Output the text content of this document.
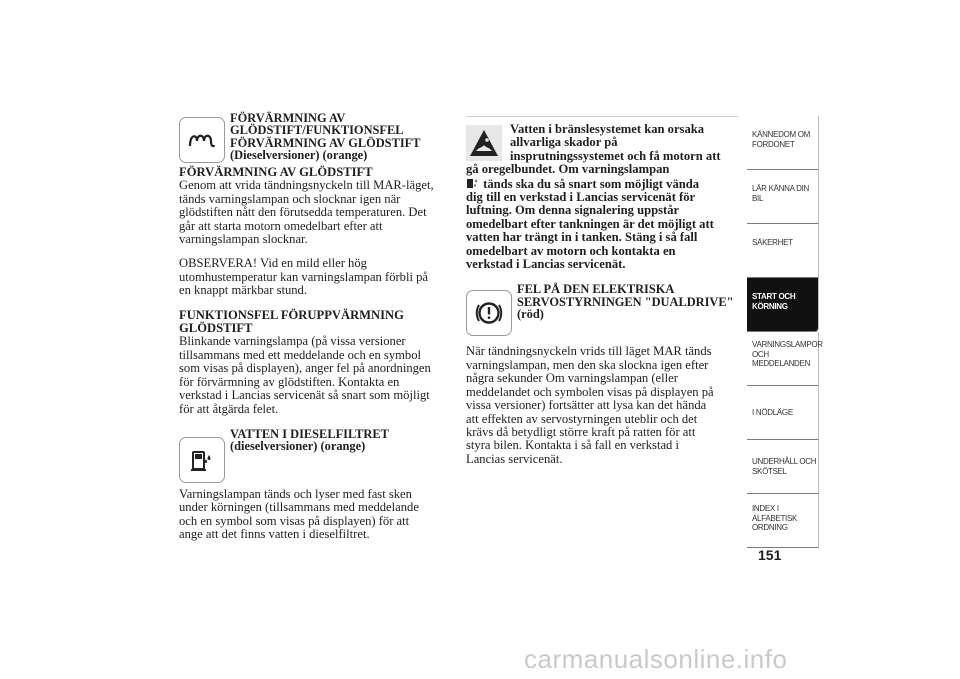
FÖRVÄRMNING AV
GLÖDSTIFT/FUNKTIONSFEL
FÖRVÄRMNING AV GLÖDSTIFT
(Dieselversioner) (orange)

FÖRVÄRMNING AV GLÖDSTIFT

Genom att vrida tändningsnyckeln till MAR-läget,
tänds varningslampan och slocknar igen när
glödstiften nått den förutsedda temperaturen. Det
går att starta motorn omedelbart efter att
varningslampan slocknar.
OBSERVERA! Vid en mild eller hög
utomhustemperatur kan varningslampan förbli på
en knappt märkbar stund.
FUNKTIONSFEL FÖRUPPVÄRMNING
GLÖDSTIFT
Blinkande varningslampa (på vissa versioner
tillsammans med ett meddelande och en symbol
som visas på displayen), anger fel på anordningen
för förvärmning av glödstiften. Kontakta en
verkstad i Lancias servicenät så snart som möjligt
för att åtgärda felet.
VATTEN I DIESELFILTRET
(dieselversioner) (orange)
Varningslampan tänds och lyser med fast sken
under körningen (tillsammans med meddelande
och en symbol som visas på displayen) för att
ange att det finns vatten i dieselfiltret.
Vatten i bränslesystemet kan orsaka
allvarliga skador på
insprutningssystemet och få motorn att
gå oregelbundet. Om varningslampan
tänds ska du så snart som möjligt vända
dig till en verkstad i Lancias servicenät för
luftning. Om denna signalering uppstår
omedelbart efter tankningen är det möjligt att
vatten har trängt in i tanken. Stäng i så fall
omedelbart av motorn och kontakta en
verkstad i Lancias servicenät.
FEL PÅ DEN ELEKTRISKA
SERVOSTYRNINGEN "DUALDRIVE"
(röd)
När tändningsnyckeln vrids till läget MAR tänds
varningslampan, men den ska slockna igen efter
några sekunder Om varningslampan (eller
meddelandet och symbolen visas på displayen på
vissa versioner) fortsätter att lysa kan det hända
att effekten av servostyrningen uteblir och det
krävs då betydligt större kraft på ratten för att
styra bilen. Kontakta i så fall en verkstad i
Lancias servicenät.
KÄNNEDOM OM
FORDONET
LÄR KÄNNA DIN
BIL
SÄKERHET
START OCH
KÖRNING
VARNINGSLAMPOR
OCH
MEDDELANDEN
I NÖDLÄGE
UNDERHÅLL OCH
SKÖTSEL
INDEX I
ALFABETISK
ORDNING
151
carmanualsonline.info
